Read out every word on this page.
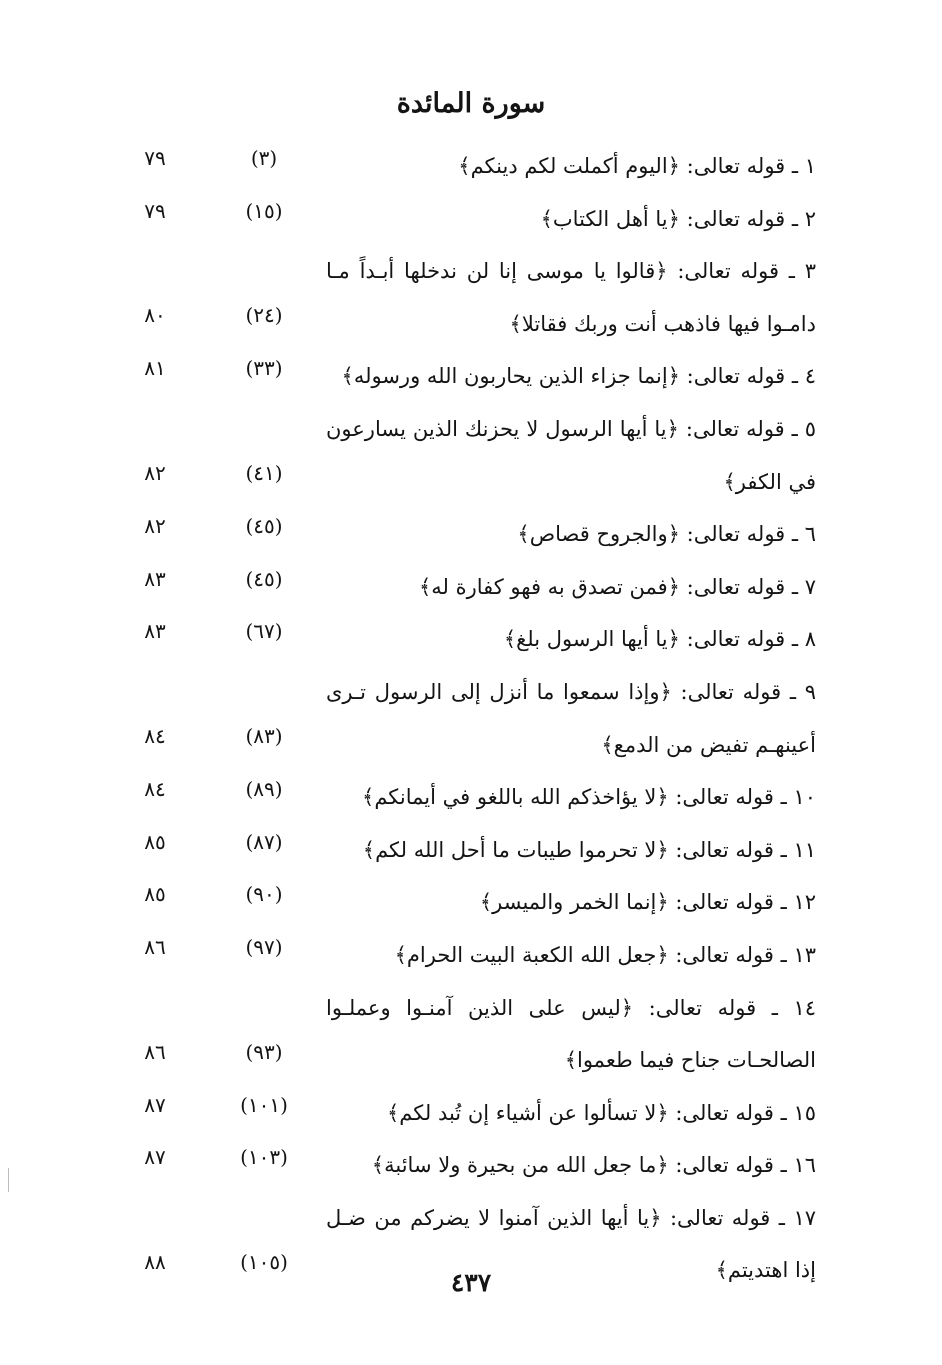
سورة المائدة
١ ـ قوله تعالى: ﴿اليوم أكملت لكم دينكم﴾
(٣)
٧٩
٢ ـ قوله تعالى: ﴿يا أهل الكتاب﴾
(١٥)
٧٩
٣ ـ قوله تعالى: ﴿قالوا يا موسى إنا لن ندخلها أبـداً مـا دامـوا فيها فاذهب أنت وربك فقاتلا﴾
(٢٤)
٨٠
٤ ـ قوله تعالى: ﴿إنما جزاء الذين يحاربون الله ورسوله﴾
(٣٣)
٨١
٥ ـ قوله تعالى: ﴿يا أيها الرسول لا يحزنك الذين يسارعون في الكفر﴾
(٤١)
٨٢
٦ ـ قوله تعالى: ﴿والجروح قصاص﴾
(٤٥)
٨٢
٧ ـ قوله تعالى: ﴿فمن تصدق به فهو كفارة له﴾
(٤٥)
٨٣
٨ ـ قوله تعالى: ﴿يا أيها الرسول بلغ﴾
(٦٧)
٨٣
٩ ـ قوله تعالى: ﴿وإذا سمعوا ما أنزل إلى الرسول تـرى أعينهـم تفيض من الدمع﴾
(٨٣)
٨٤
١٠ ـ قوله تعالى: ﴿لا يؤاخذكم الله باللغو في أيمانكم﴾
(٨٩)
٨٤
١١ ـ قوله تعالى: ﴿لا تحرموا طيبات ما أحل الله لكم﴾
(٨٧)
٨٥
١٢ ـ قوله تعالى: ﴿إنما الخمر والميسر﴾
(٩٠)
٨٥
١٣ ـ قوله تعالى: ﴿جعل الله الكعبة البيت الحرام﴾
(٩٧)
٨٦
١٤ ـ قوله تعالى: ﴿ليس على الذين آمنـوا وعملـوا الصالحـات جناح فيما طعموا﴾
(٩٣)
٨٦
١٥ ـ قوله تعالى: ﴿لا تسألوا عن أشياء إن تُبد لكم﴾
(١٠١)
٨٧
١٦ ـ قوله تعالى: ﴿ما جعل الله من بحيرة ولا سائبة﴾
(١٠٣)
٨٧
١٧ ـ قوله تعالى: ﴿يا أيها الذين آمنوا لا يضركم من ضـل إذا اهتديتم﴾
(١٠٥)
٨٨
٤٣٧
